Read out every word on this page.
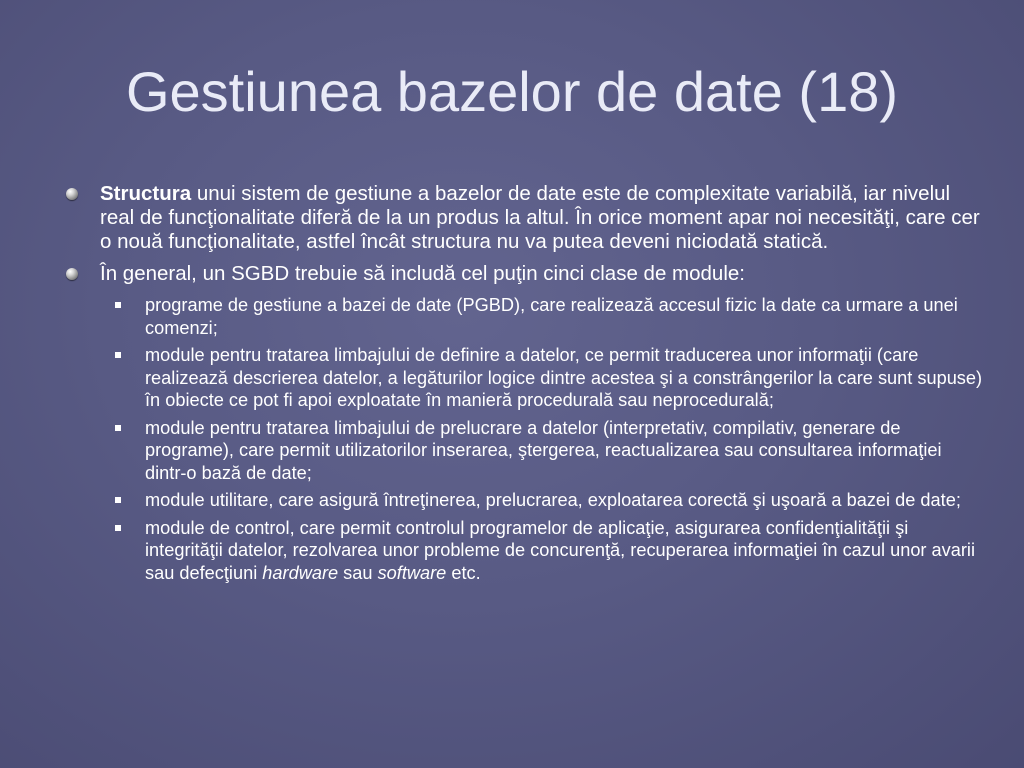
Gestiunea bazelor de date (18)
Structura unui sistem de gestiune a bazelor de date este de complexitate variabilă, iar nivelul real de funcţionalitate diferă de la un produs la altul. În orice moment apar noi necesităţi, care cer o nouă funcţionalitate, astfel încât structura nu va putea deveni niciodată statică.
În general, un SGBD trebuie să includă cel puţin cinci clase de module:
programe de gestiune a bazei de date (PGBD), care realizează accesul fizic la date ca urmare a unei comenzi;
module pentru tratarea limbajului de definire a datelor, ce permit traducerea unor informaţii (care realizează descrierea datelor, a legăturilor logice dintre acestea şi a constrângerilor la care sunt supuse) în obiecte ce pot fi apoi exploatate în manieră procedurală sau neprocedurală;
module pentru tratarea limbajului de prelucrare a datelor (interpretativ, compilativ, generare de programe), care permit utilizatorilor inserarea, ştergerea, reactualizarea sau consultarea informaţiei dintr-o bază de date;
module utilitare, care asigură întreţinerea, prelucrarea, exploatarea corectă şi uşoară a bazei de date;
module de control, care permit controlul programelor de aplicaţie, asigurarea confidenţialităţii şi integrităţii datelor, rezolvarea unor probleme de concurenţă, recuperarea informaţiei în cazul unor avarii sau defecţiuni hardware sau software etc.
